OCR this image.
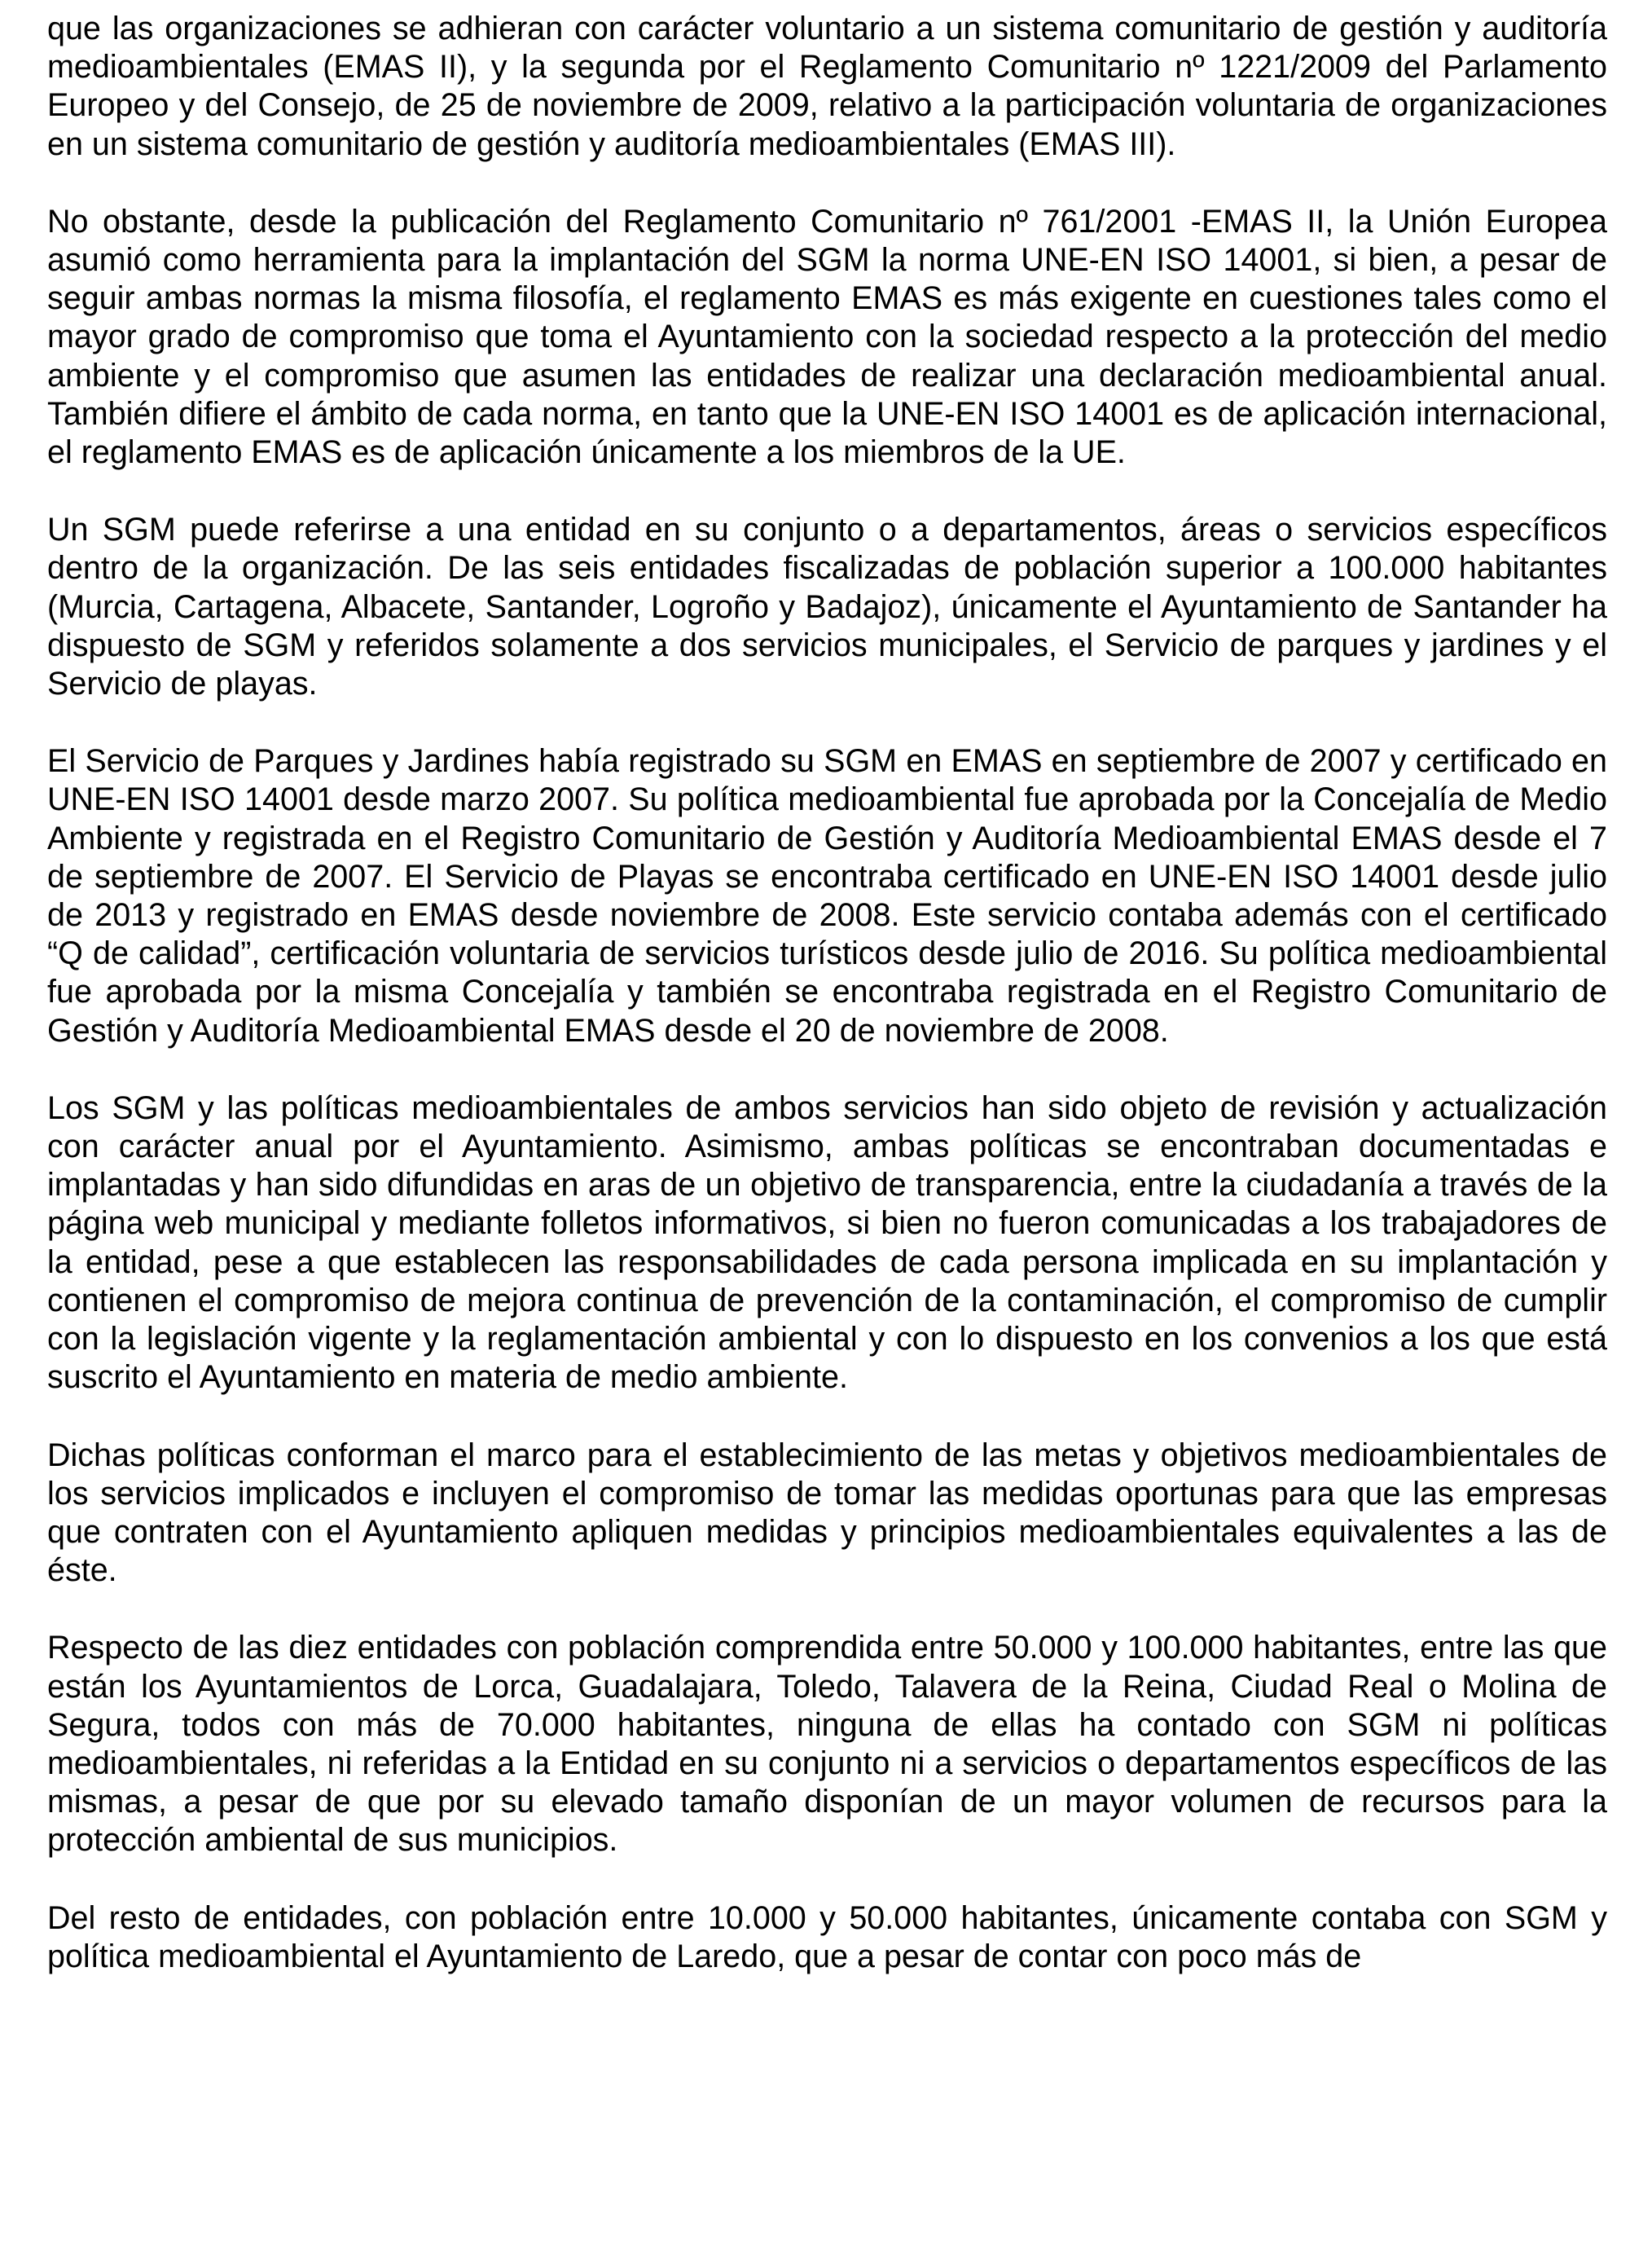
que las organizaciones se adhieran con carácter voluntario a un sistema comunitario de gestión y auditoría medioambientales (EMAS II), y la segunda por el Reglamento Comunitario nº 1221/2009 del Parlamento Europeo y del Consejo, de 25 de noviembre de 2009, relativo a la participación voluntaria de organizaciones en un sistema comunitario de gestión y auditoría medioambientales (EMAS III).

No obstante, desde la publicación del Reglamento Comunitario nº 761/2001 -EMAS II, la Unión Europea asumió como herramienta para la implantación del SGM la norma UNE-EN ISO 14001, si bien, a pesar de seguir ambas normas la misma filosofía, el reglamento EMAS es más exigente en cuestiones tales como el mayor grado de compromiso que toma el Ayuntamiento con la sociedad respecto a la protección del medio ambiente y el compromiso que asumen las entidades de realizar una declaración medioambiental anual. También difiere el ámbito de cada norma, en tanto que la UNE-EN ISO 14001 es de aplicación internacional, el reglamento EMAS es de aplicación únicamente a los miembros de la UE.

Un SGM puede referirse a una entidad en su conjunto o a departamentos, áreas o servicios específicos dentro de la organización. De las seis entidades fiscalizadas de población superior a 100.000 habitantes (Murcia, Cartagena, Albacete, Santander, Logroño y Badajoz), únicamente el Ayuntamiento de Santander ha dispuesto de SGM y referidos solamente a dos servicios municipales, el Servicio de parques y jardines y el Servicio de playas.

El Servicio de Parques y Jardines había registrado su SGM en EMAS en septiembre de 2007 y certificado en UNE-EN ISO 14001 desde marzo 2007. Su política medioambiental fue aprobada por la Concejalía de Medio Ambiente y registrada en el Registro Comunitario de Gestión y Auditoría Medioambiental EMAS desde el 7 de septiembre de 2007. El Servicio de Playas se encontraba certificado en UNE-EN ISO 14001 desde julio de 2013 y registrado en EMAS desde noviembre de 2008. Este servicio contaba además con el certificado “Q de calidad”, certificación voluntaria de servicios turísticos desde julio de 2016. Su política medioambiental fue aprobada por la misma Concejalía y también se encontraba registrada en el Registro Comunitario de Gestión y Auditoría Medioambiental EMAS desde el 20 de noviembre de 2008.

Los SGM y las políticas medioambientales de ambos servicios han sido objeto de revisión y actualización con carácter anual por el Ayuntamiento. Asimismo, ambas políticas se encontraban documentadas e implantadas y han sido difundidas en aras de un objetivo de transparencia, entre la ciudadanía a través de la página web municipal y mediante folletos informativos, si bien no fueron comunicadas a los trabajadores de la entidad, pese a que establecen las responsabilidades de cada persona implicada en su implantación y contienen el compromiso de mejora continua de prevención de la contaminación, el compromiso de cumplir con la legislación vigente y la reglamentación ambiental y con lo dispuesto en los convenios a los que está suscrito el Ayuntamiento en materia de medio ambiente.

Dichas políticas conforman el marco para el establecimiento de las metas y objetivos medioambientales de los servicios implicados e incluyen el compromiso de tomar las medidas oportunas para que las empresas que contraten con el Ayuntamiento apliquen medidas y principios medioambientales equivalentes a las de éste.

Respecto de las diez entidades con población comprendida entre 50.000 y 100.000 habitantes, entre las que están los Ayuntamientos de Lorca, Guadalajara, Toledo, Talavera de la Reina, Ciudad Real o Molina de Segura, todos con más de 70.000 habitantes, ninguna de ellas ha contado con SGM ni políticas medioambientales, ni referidas a la Entidad en su conjunto ni a servicios o departamentos específicos de las mismas, a pesar de que por su elevado tamaño disponían de un mayor volumen de recursos para la protección ambiental de sus municipios.

Del resto de entidades, con población entre 10.000 y 50.000 habitantes, únicamente contaba con SGM y política medioambiental el Ayuntamiento de Laredo, que a pesar de contar con poco más de
